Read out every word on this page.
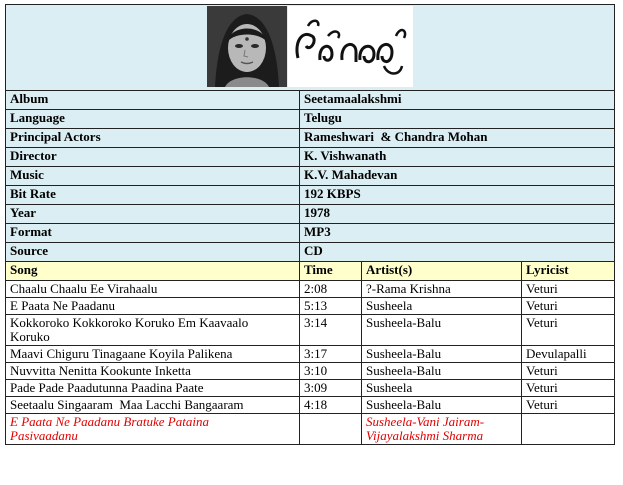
Album	Seetamaalakshmi		
Language	Telugu		
Principal Actors	Rameshwari  & Chandra Mohan		
Director	K. Vishwanath		
Music	K.V. Mahadevan		
Bit Rate	192 KBPS		
Year	1978		
Format	MP3		
Source	CD		
Song	Time	Artist(s)	Lyricist
Chaalu Chaalu Ee Virahaalu	2:08	?-Rama Krishna	Veturi
E Paata Ne Paadanu	5:13	Susheela	Veturi
Kokkoroko Kokkoroko Koruko Em Kaavaalo Koruko	3:14	Susheela-Balu	Veturi
Maavi Chiguru Tinagaane Koyila Palikena	3:17	Susheela-Balu	Devulapalli
Nuvvitta Nenitta Kookunte Inketta	3:10	Susheela-Balu	Veturi
Pade Pade Paadutunna Paadina Paate	3:09	Susheela	Veturi
Seetaalu Singaaram  Maa Lacchi Bangaaram	4:18	Susheela-Balu	Veturi
E Paata Ne Paadanu Bratuke Pataina Pasivaadanu		Susheela-Vani Jairam-Vijayalakshmi Sharma	
